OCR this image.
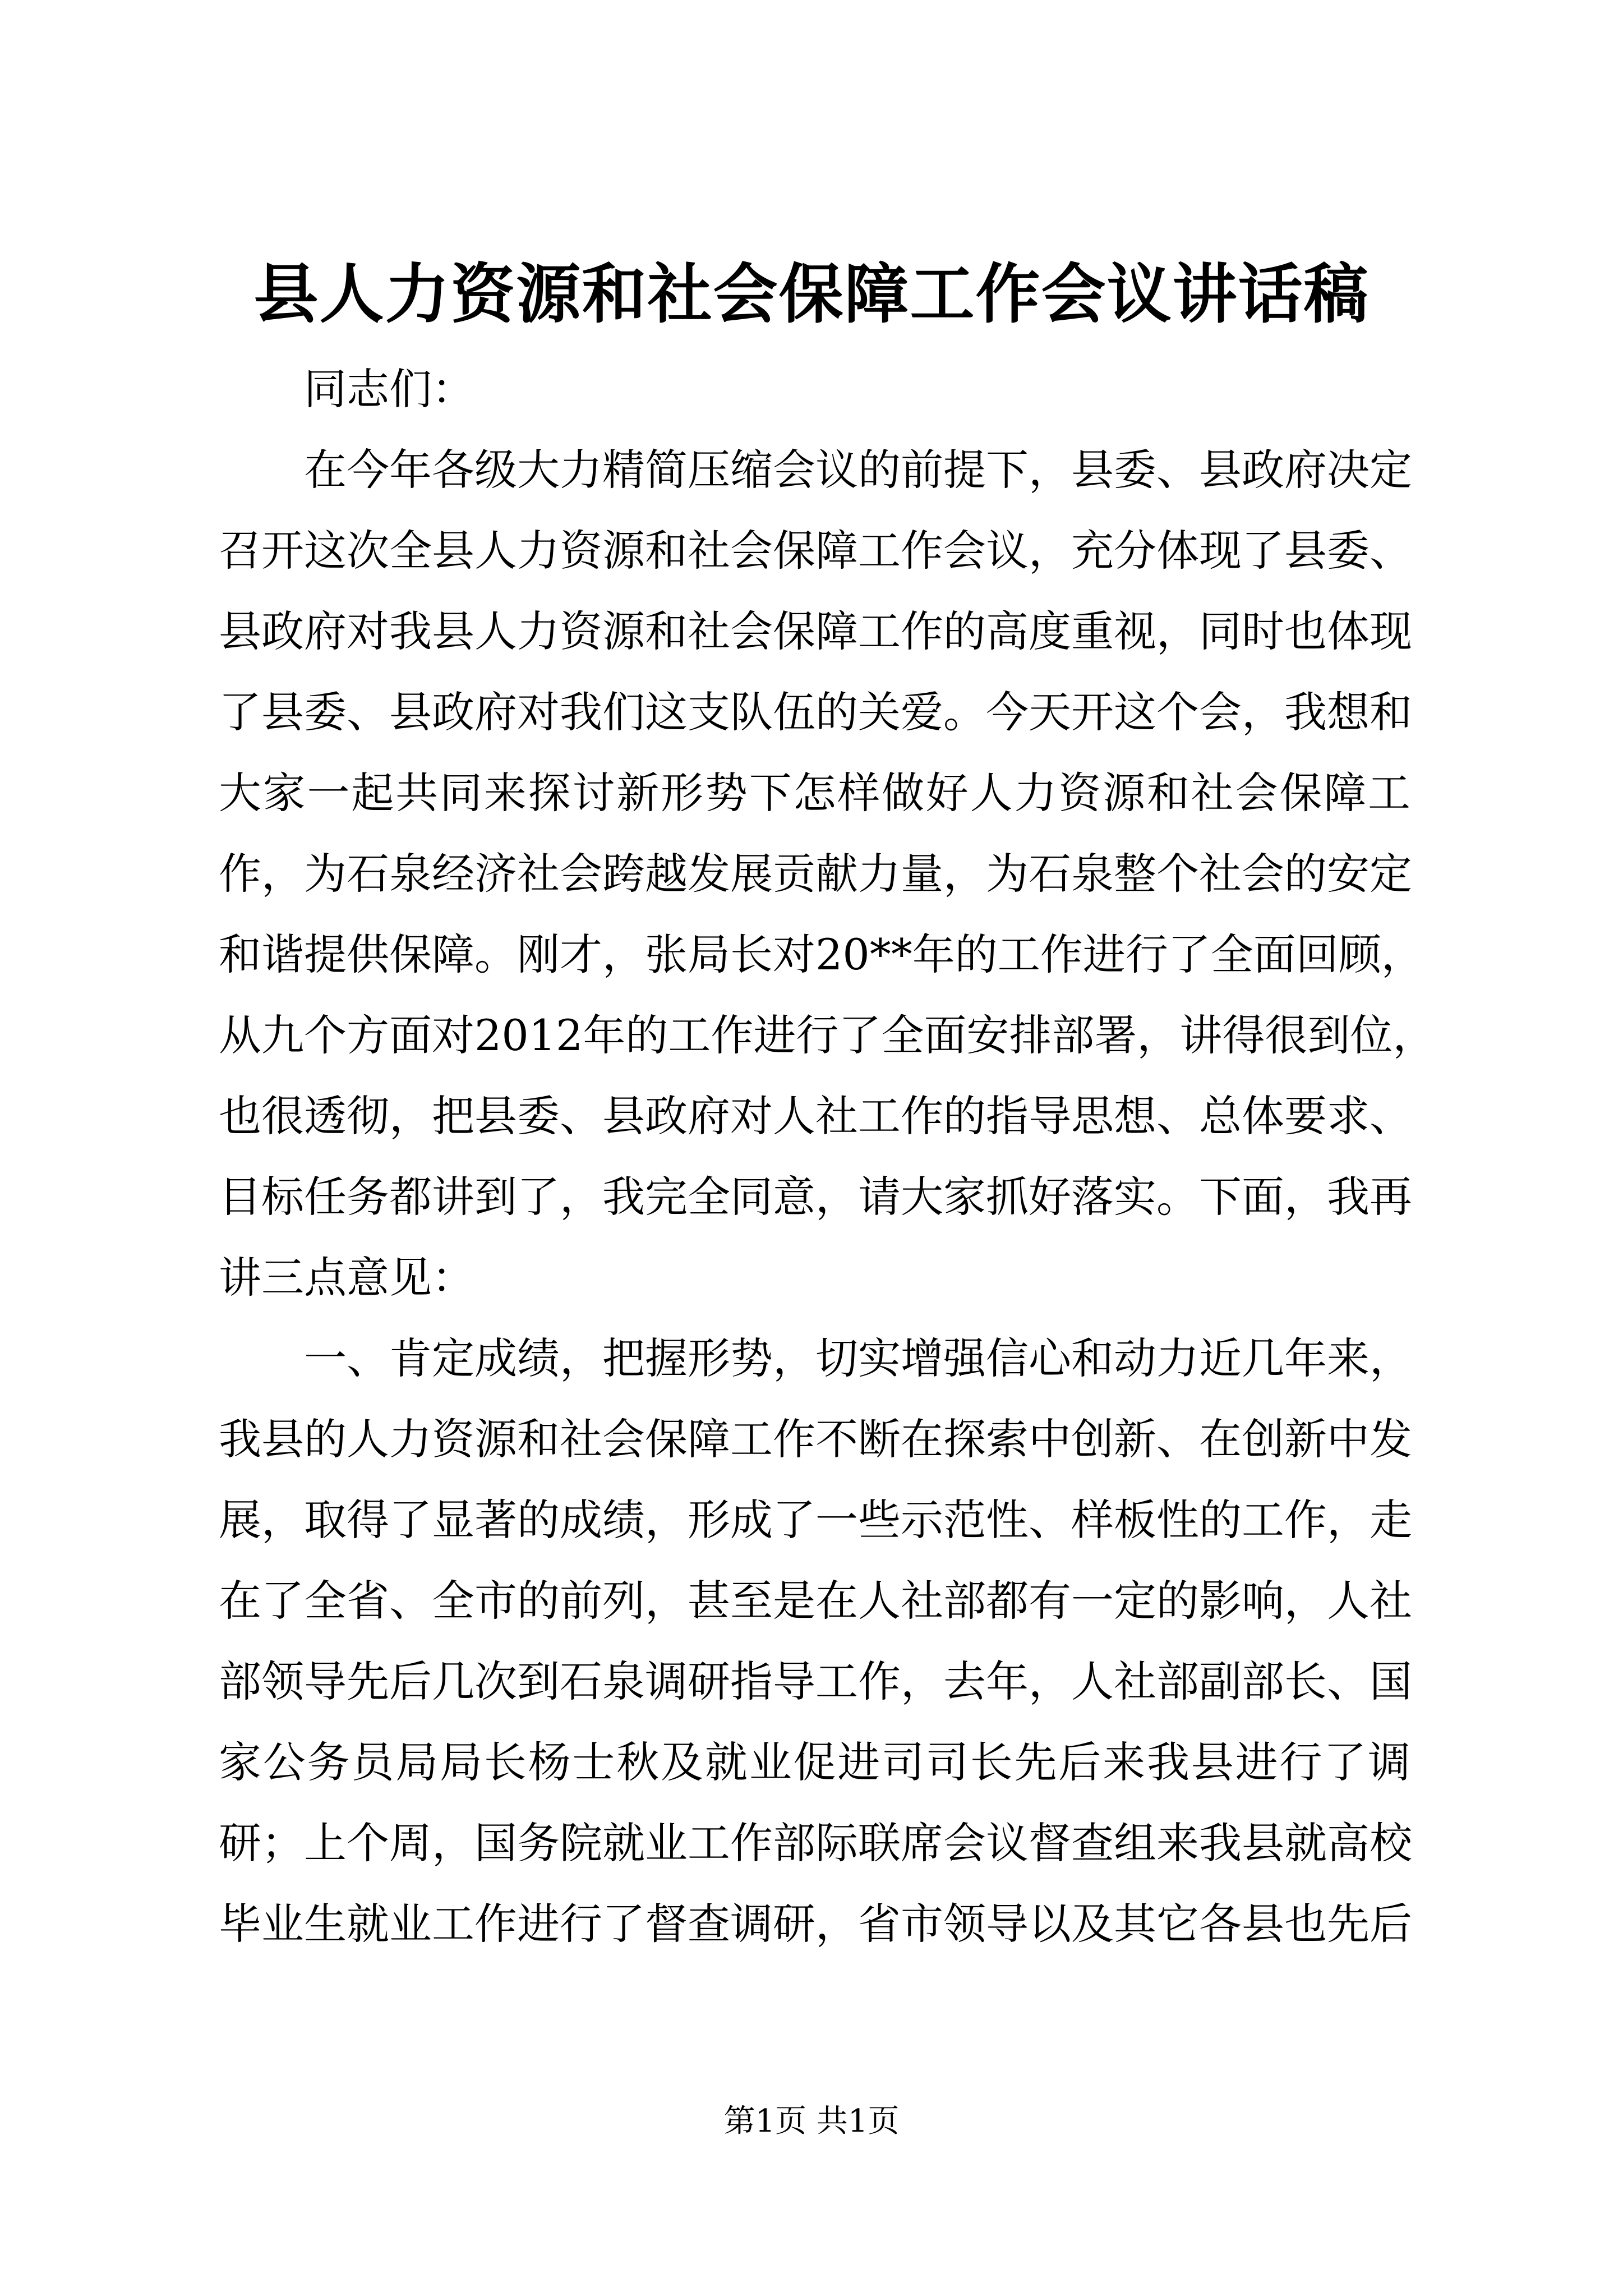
县人力资源和社会保障工作会议讲话稿
同志们：
在今年各级大力精简压缩会议的前提下，县委、县政府决定
召开这次全县人力资源和社会保障工作会议，充分体现了县委、
县政府对我县人力资源和社会保障工作的高度重视，同时也体现
了县委、县政府对我们这支队伍的关爱。今天开这个会，我想和
大家一起共同来探讨新形势下怎样做好人力资源和社会保障工
作，为石泉经济社会跨越发展贡献力量，为石泉整个社会的安定
和谐提供保障。刚才，张局长对20**年的工作进行了全面回顾，
从九个方面对2012年的工作进行了全面安排部署，讲得很到位，
也很透彻，把县委、县政府对人社工作的指导思想、总体要求、
目标任务都讲到了，我完全同意，请大家抓好落实。下面，我再
讲三点意见：
一、肯定成绩，把握形势，切实增强信心和动力近几年来，
我县的人力资源和社会保障工作不断在探索中创新、在创新中发
展，取得了显著的成绩，形成了一些示范性、样板性的工作，走
在了全省、全市的前列，甚至是在人社部都有一定的影响，人社
部领导先后几次到石泉调研指导工作，去年，人社部副部长、国
家公务员局局长杨士秋及就业促进司司长先后来我县进行了调
研；上个周，国务院就业工作部际联席会议督查组来我县就高校
毕业生就业工作进行了督查调研，省市领导以及其它各县也先后
第1页 共1页
